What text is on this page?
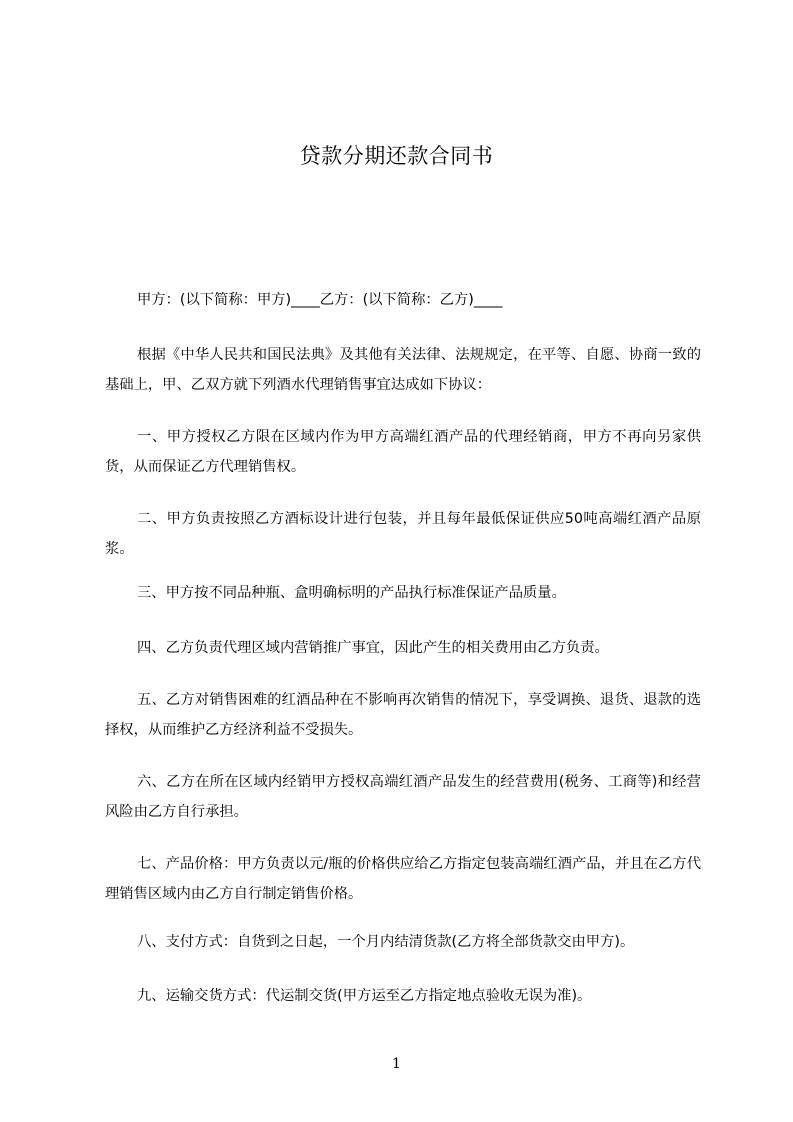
贷款分期还款合同书
甲方：(以下简称：甲方)____乙方：(以下简称：乙方)____
根据《中华人民共和国民法典》及其他有关法律、法规规定，在平等、自愿、协商一致的基础上，甲、乙双方就下列酒水代理销售事宜达成如下协议：
一、甲方授权乙方限在区域内作为甲方高端红酒产品的代理经销商，甲方不再向另家供货，从而保证乙方代理销售权。
二、甲方负责按照乙方酒标设计进行包装，并且每年最低保证供应50吨高端红酒产品原浆。
三、甲方按不同品种瓶、盒明确标明的产品执行标准保证产品质量。
四、乙方负责代理区域内营销推广事宜，因此产生的相关费用由乙方负责。
五、乙方对销售困难的红酒品种在不影响再次销售的情况下，享受调换、退货、退款的选择权，从而维护乙方经济利益不受损失。
六、乙方在所在区域内经销甲方授权高端红酒产品发生的经营费用(税务、工商等)和经营风险由乙方自行承担。
七、产品价格：甲方负责以元/瓶的价格供应给乙方指定包装高端红酒产品，并且在乙方代理销售区域内由乙方自行制定销售价格。
八、支付方式：自货到之日起，一个月内结清货款(乙方将全部货款交由甲方)。
九、运输交货方式：代运制交货(甲方运至乙方指定地点验收无误为准)。
1
